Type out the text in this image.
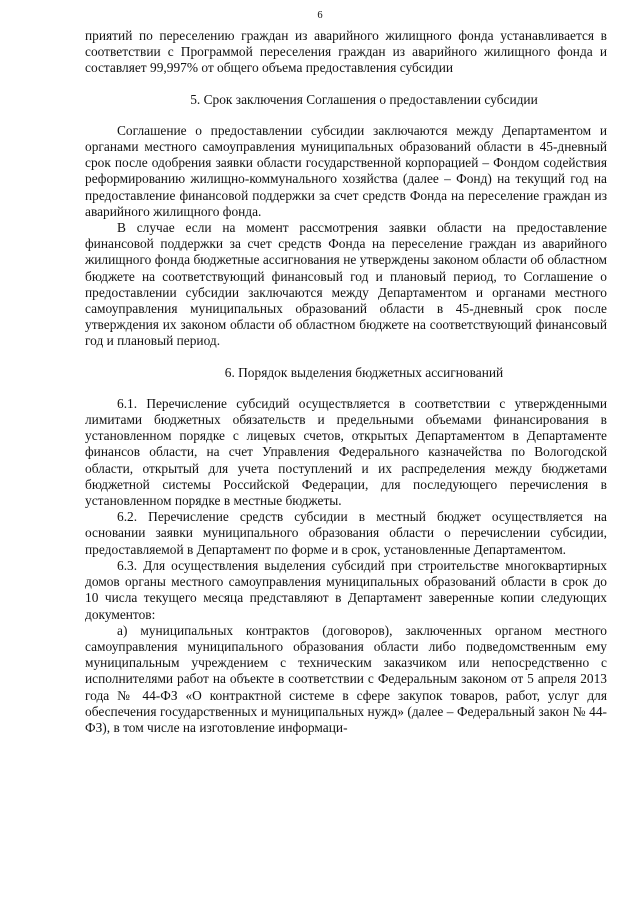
6

приятий по переселению граждан из аварийного жилищного фонда устанавливается в соответствии с Программой переселения граждан из аварийного жилищного фонда и составляет 99,997% от общего объема предоставления субсидии

5. Срок заключения Соглашения о предоставлении субсидии

Соглашение о предоставлении субсидии заключаются между Департаментом и органами местного самоуправления муниципальных образований области в 45-дневный срок после одобрения заявки области государственной корпорацией – Фондом содействия реформированию жилищно-коммунального хозяйства (далее – Фонд) на текущий год на предоставление финансовой поддержки за счет средств Фонда на переселение граждан из аварийного жилищного фонда.

В случае если на момент рассмотрения заявки области на предоставление финансовой поддержки за счет средств Фонда на переселение граждан из аварийного жилищного фонда бюджетные ассигнования не утверждены законом области об областном бюджете на соответствующий финансовый год и плановый период, то Соглашение о предоставлении субсидии заключаются между Департаментом и органами местного самоуправления муниципальных образований области в 45-дневный срок после утверждения их законом области об областном бюджете на соответствующий финансовый год и плановый период.

6. Порядок выделения бюджетных ассигнований

6.1. Перечисление субсидий осуществляется в соответствии с утвержденными лимитами бюджетных обязательств и предельными объемами финансирования в установленном порядке с лицевых счетов, открытых Департаментом в Департаменте финансов области, на счет Управления Федерального казначейства по Вологодской области, открытый для учета поступлений и их распределения между бюджетами бюджетной системы Российской Федерации, для последующего перечисления в установленном порядке в местные бюджеты.

6.2. Перечисление средств субсидии в местный бюджет осуществляется на основании заявки муниципального образования области о перечислении субсидии, предоставляемой в Департамент по форме и в срок, установленные Департаментом.

6.3. Для осуществления выделения субсидий при строительстве многоквартирных домов органы местного самоуправления муниципальных образований области в срок до 10 числа текущего месяца представляют в Департамент заверенные копии следующих документов:

а) муниципальных контрактов (договоров), заключенных органом местного самоуправления муниципального образования области либо подведомственным ему муниципальным учреждением с техническим заказчиком или непосредственно с исполнителями работ на объекте в соответствии с Федеральным законом от 5 апреля 2013 года № 44-ФЗ «О контрактной системе в сфере закупок товаров, работ, услуг для обеспечения государственных и муниципальных нужд» (далее – Федеральный закон № 44-ФЗ), в том числе на изготовление информаци-
